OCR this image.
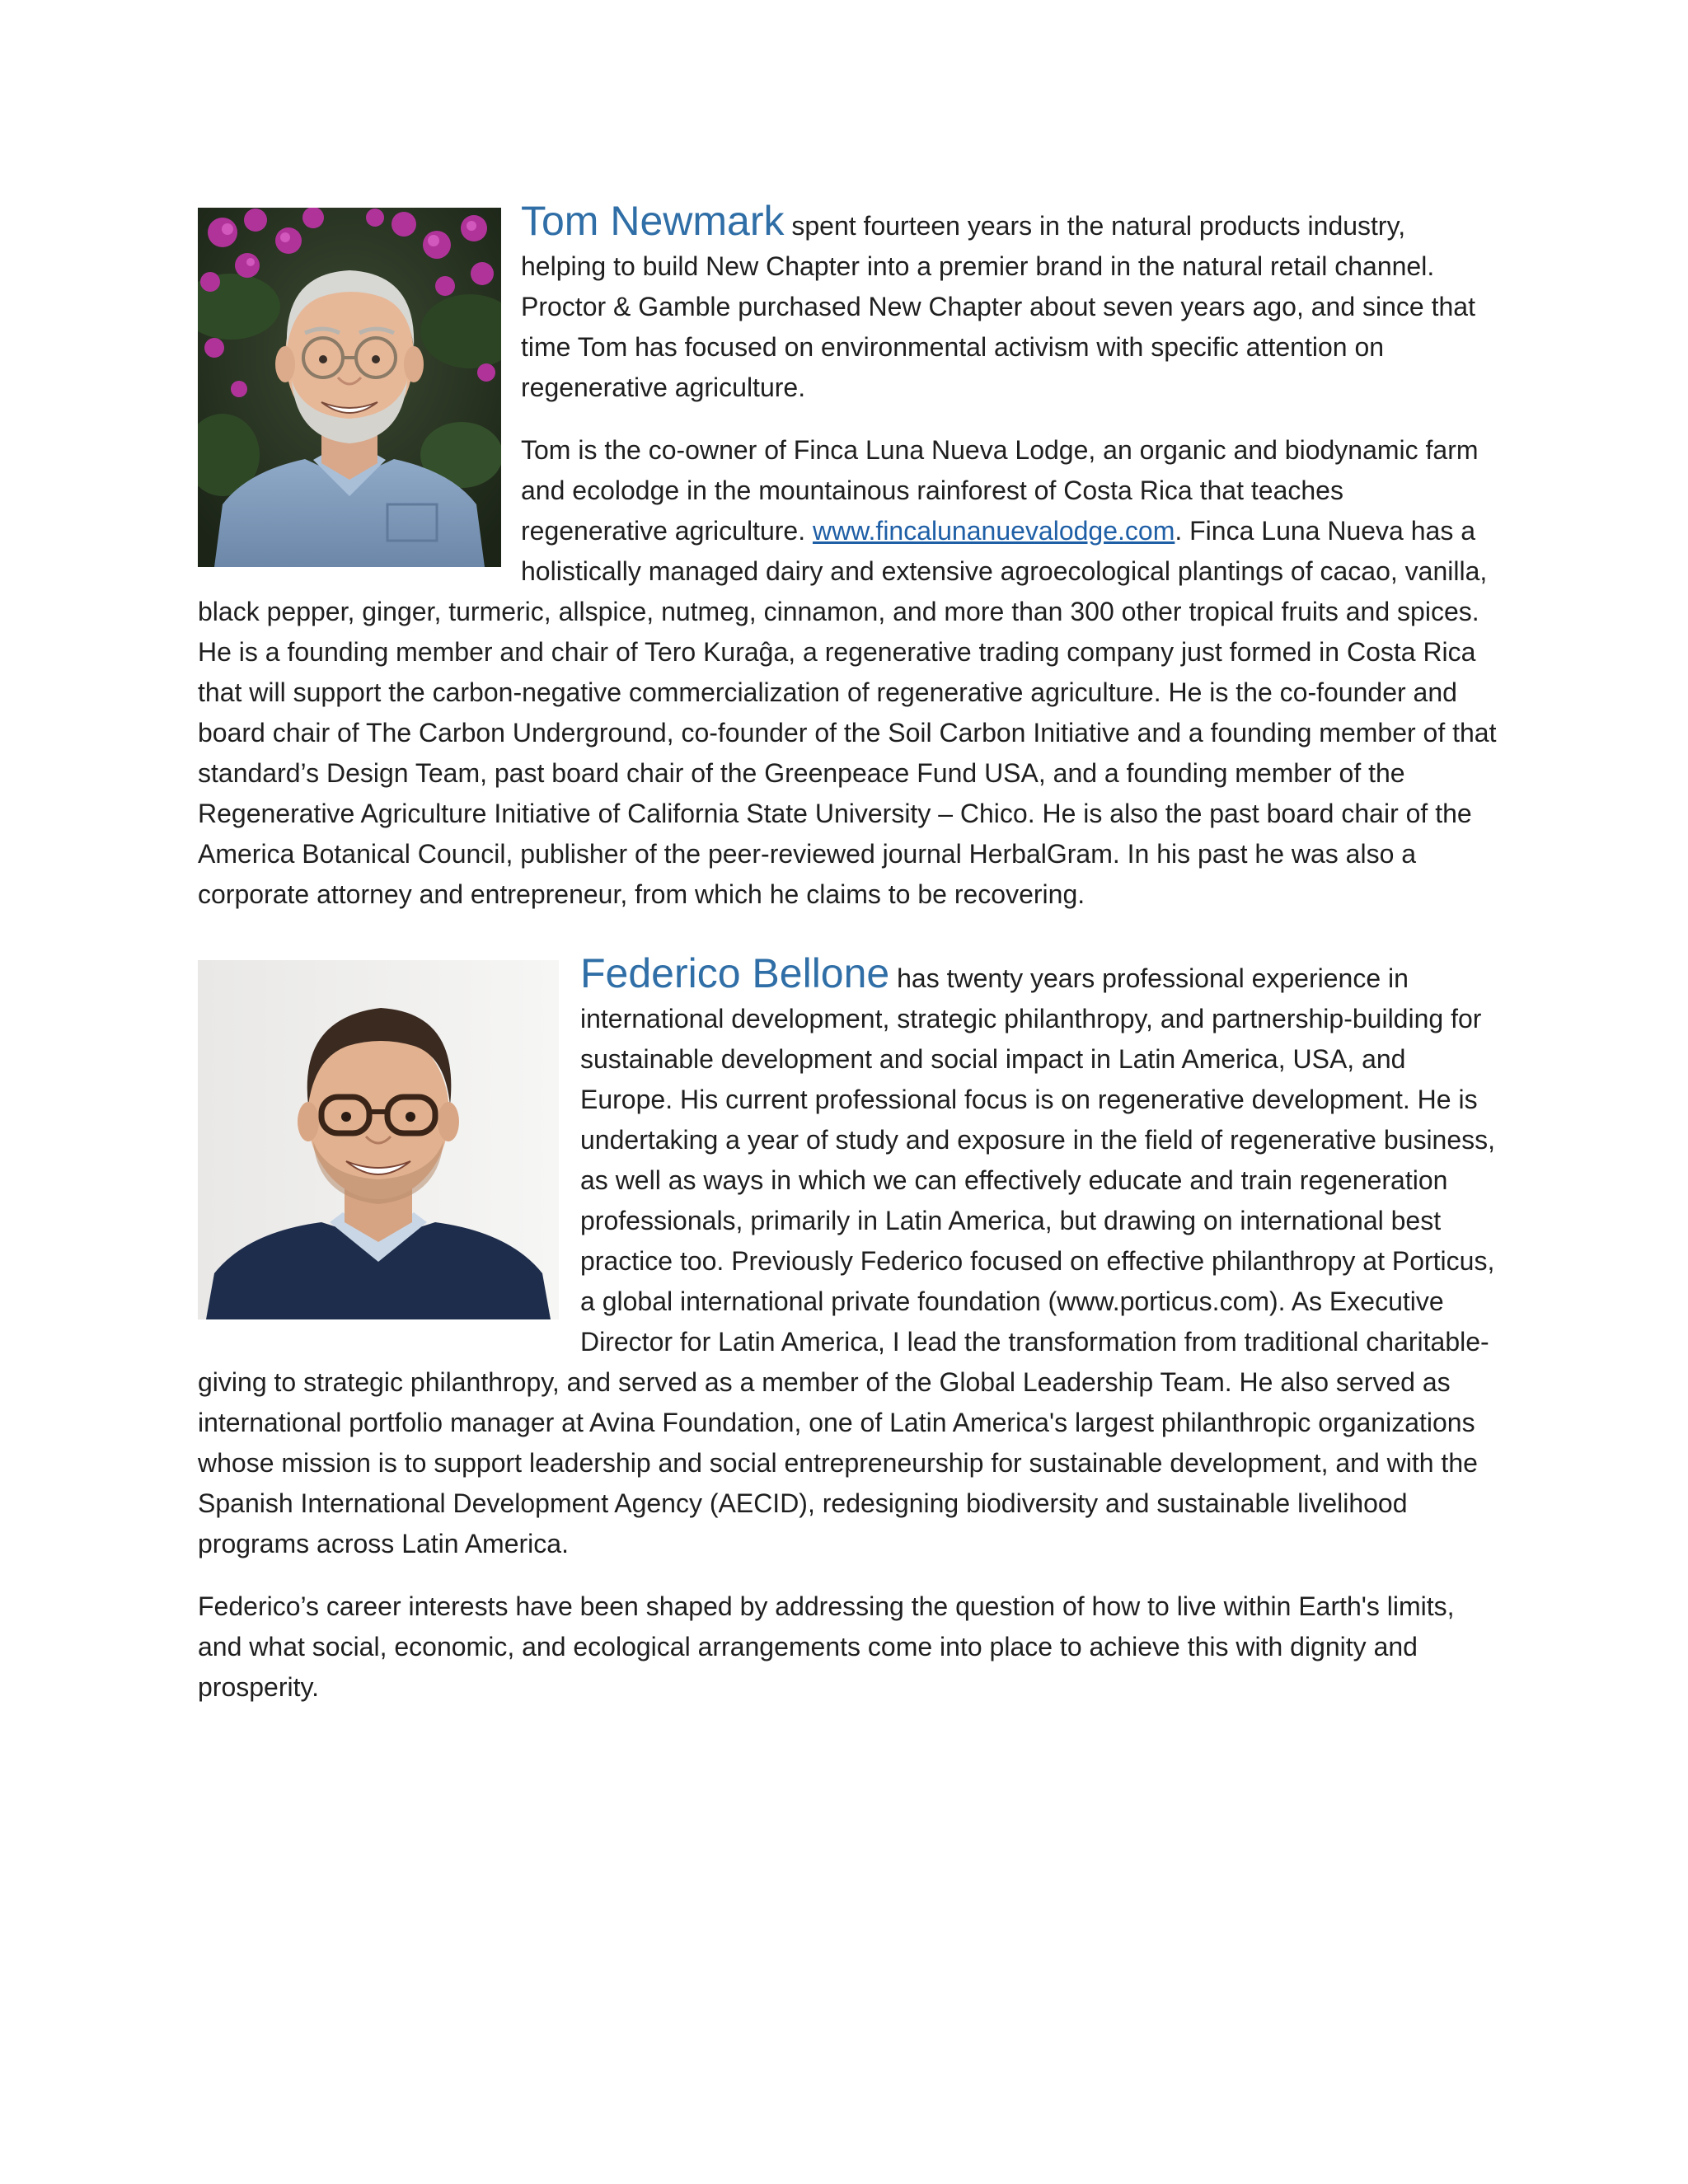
Tom Newmark spent fourteen years in the natural products industry, helping to build New Chapter into a premier brand in the natural retail channel. Proctor & Gamble purchased New Chapter about seven years ago, and since that time Tom has focused on environmental activism with specific attention on regenerative agriculture.

Tom is the co-owner of Finca Luna Nueva Lodge, an organic and biodynamic farm and ecolodge in the mountainous rainforest of Costa Rica that teaches regenerative agriculture. www.fincalunanuevalodge.com. Finca Luna Nueva has a holistically managed dairy and extensive agroecological plantings of cacao, vanilla, black pepper, ginger, turmeric, allspice, nutmeg, cinnamon, and more than 300 other tropical fruits and spices. He is a founding member and chair of Tero Kuraĝa, a regenerative trading company just formed in Costa Rica that will support the carbon-negative commercialization of regenerative agriculture. He is the co-founder and board chair of The Carbon Underground, co-founder of the Soil Carbon Initiative and a founding member of that standard’s Design Team, past board chair of the Greenpeace Fund USA, and a founding member of the Regenerative Agriculture Initiative of California State University – Chico. He is also the past board chair of the America Botanical Council, publisher of the peer-reviewed journal HerbalGram. In his past he was also a corporate attorney and entrepreneur, from which he claims to be recovering.

Federico Bellone has twenty years professional experience in international development, strategic philanthropy, and partnership-building for sustainable development and social impact in Latin America, USA, and Europe. His current professional focus is on regenerative development. He is undertaking a year of study and exposure in the field of regenerative business, as well as ways in which we can effectively educate and train regeneration professionals, primarily in Latin America, but drawing on international best practice too. Previously Federico focused on effective philanthropy at Porticus, a global international private foundation (www.porticus.com). As Executive Director for Latin America, I lead the transformation from traditional charitable-giving to strategic philanthropy, and served as a member of the Global Leadership Team. He also served as international portfolio manager at Avina Foundation, one of Latin America's largest philanthropic organizations whose mission is to support leadership and social entrepreneurship for sustainable development, and with the Spanish International Development Agency (AECID), redesigning biodiversity and sustainable livelihood programs across Latin America.

Federico’s career interests have been shaped by addressing the question of how to live within Earth's limits, and what social, economic, and ecological arrangements come into place to achieve this with dignity and prosperity.
